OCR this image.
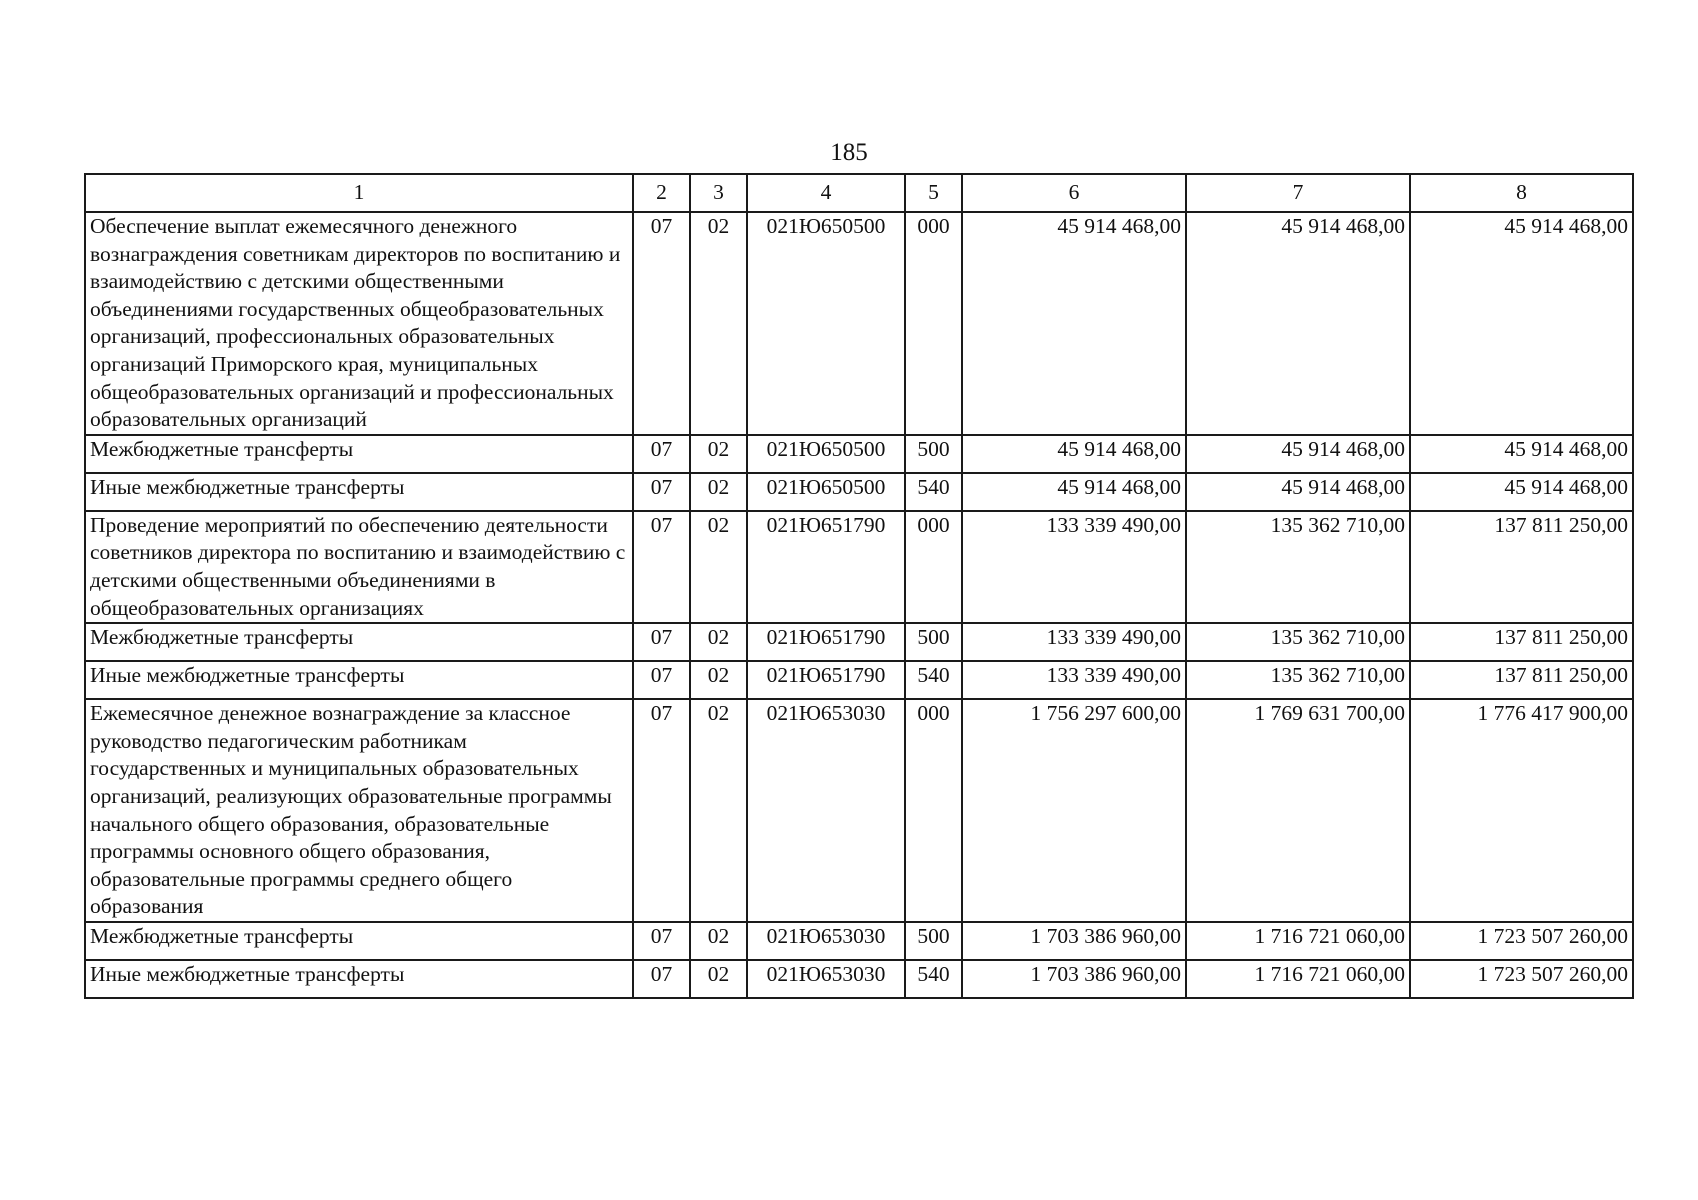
185
1	2	3	4	5	6	7	8
Обеспечение выплат ежемесячного денежного вознаграждения советникам директоров по воспитанию и взаимодействию с детскими общественными объединениями государственных общеобразовательных организаций, профессиональных образовательных организаций Приморского края, муниципальных общеобразовательных организаций и профессиональных образовательных организаций	07	02	021Ю650500	000	45 914 468,00	45 914 468,00	45 914 468,00
Межбюджетные трансферты	07	02	021Ю650500	500	45 914 468,00	45 914 468,00	45 914 468,00
Иные межбюджетные трансферты	07	02	021Ю650500	540	45 914 468,00	45 914 468,00	45 914 468,00
Проведение мероприятий по обеспечению деятельности советников директора по воспитанию и взаимодействию с детскими общественными объединениями в общеобразовательных организациях	07	02	021Ю651790	000	133 339 490,00	135 362 710,00	137 811 250,00
Межбюджетные трансферты	07	02	021Ю651790	500	133 339 490,00	135 362 710,00	137 811 250,00
Иные межбюджетные трансферты	07	02	021Ю651790	540	133 339 490,00	135 362 710,00	137 811 250,00
Ежемесячное денежное вознаграждение за классное руководство педагогическим работникам государственных и муниципальных образовательных организаций, реализующих образовательные программы начального общего образования, образовательные программы основного общего образования, образовательные программы среднего общего образования	07	02	021Ю653030	000	1 756 297 600,00	1 769 631 700,00	1 776 417 900,00
Межбюджетные трансферты	07	02	021Ю653030	500	1 703 386 960,00	1 716 721 060,00	1 723 507 260,00
Иные межбюджетные трансферты	07	02	021Ю653030	540	1 703 386 960,00	1 716 721 060,00	1 723 507 260,00
